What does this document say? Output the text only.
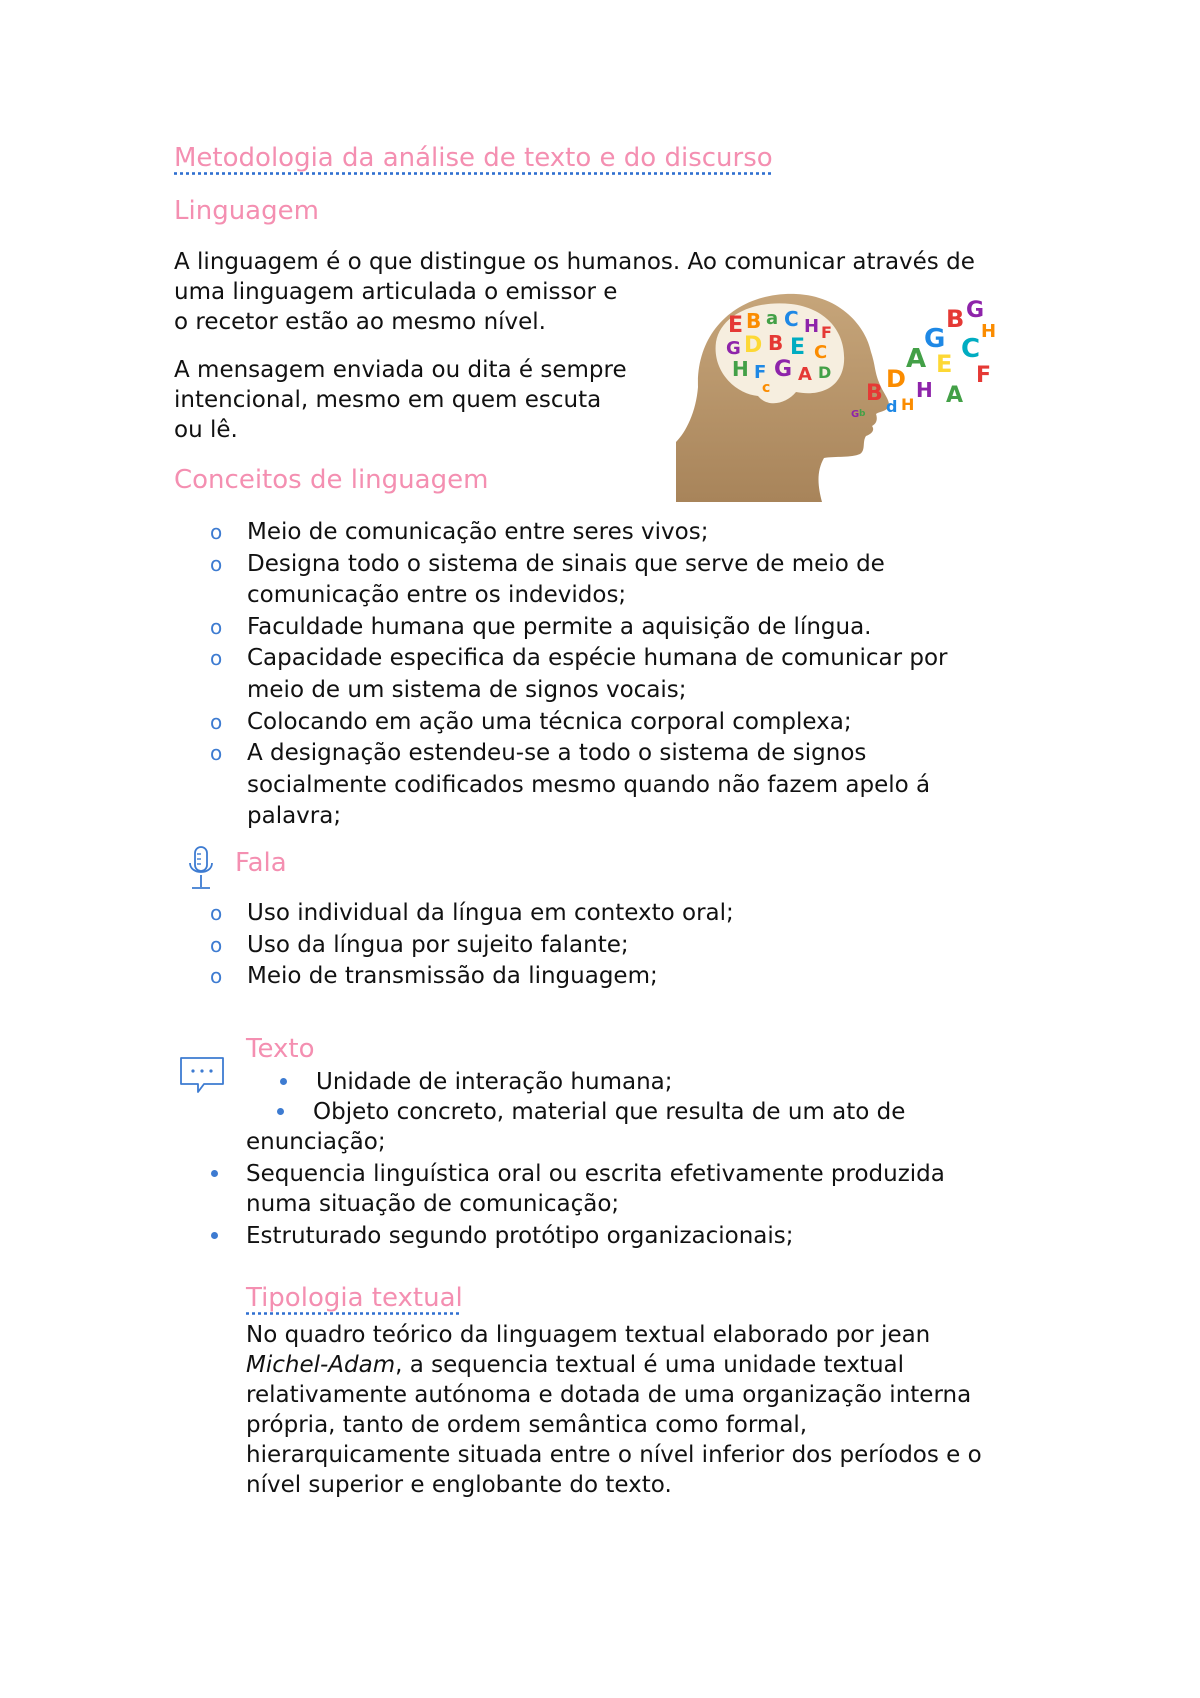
Metodologia da análise de texto e do discurso
Linguagem
A linguagem é o que distingue os humanos. Ao comunicar através de
uma linguagem articulada o emissor e
o recetor estão ao mesmo nível.
A mensagem enviada ou dita é sempre
intencional, mesmo em quem escuta
ou lê.
E B a C H F
G D B E C
H F G A D
c	B
D
A
G
B G
E C
F
H A
d H
H
G b
Conceitos de linguagem
o Meio de comunicação entre seres vivos;
o Designa todo o sistema de sinais que serve de meio de
comunicação entre os indevidos;
o Faculdade humana que permite a aquisição de língua.
o Capacidade especifica da espécie humana de comunicar por
meio de um sistema de signos vocais;
o Colocando em ação uma técnica corporal complexa;
o A designação estendeu-se a todo o sistema de signos
socialmente codificados mesmo quando não fazem apelo á
palavra;
Fala
o Uso individual da língua em contexto oral;
o Uso da língua por sujeito falante;
o Meio de transmissão da linguagem;
Texto
Unidade de interação humana;
Objeto concreto, material que resulta de um ato de
enunciação;
Sequencia linguística oral ou escrita efetivamente produzida
numa situação de comunicação;
Estruturado segundo protótipo organizacionais;
Tipologia textual
No quadro teórico da linguagem textual elaborado por jean
Michel-Adam, a sequencia textual é uma unidade textual
relativamente autónoma e dotada de uma organização interna
própria, tanto de ordem semântica como formal,
hierarquicamente situada entre o nível inferior dos períodos e o
nível superior e englobante do texto.
